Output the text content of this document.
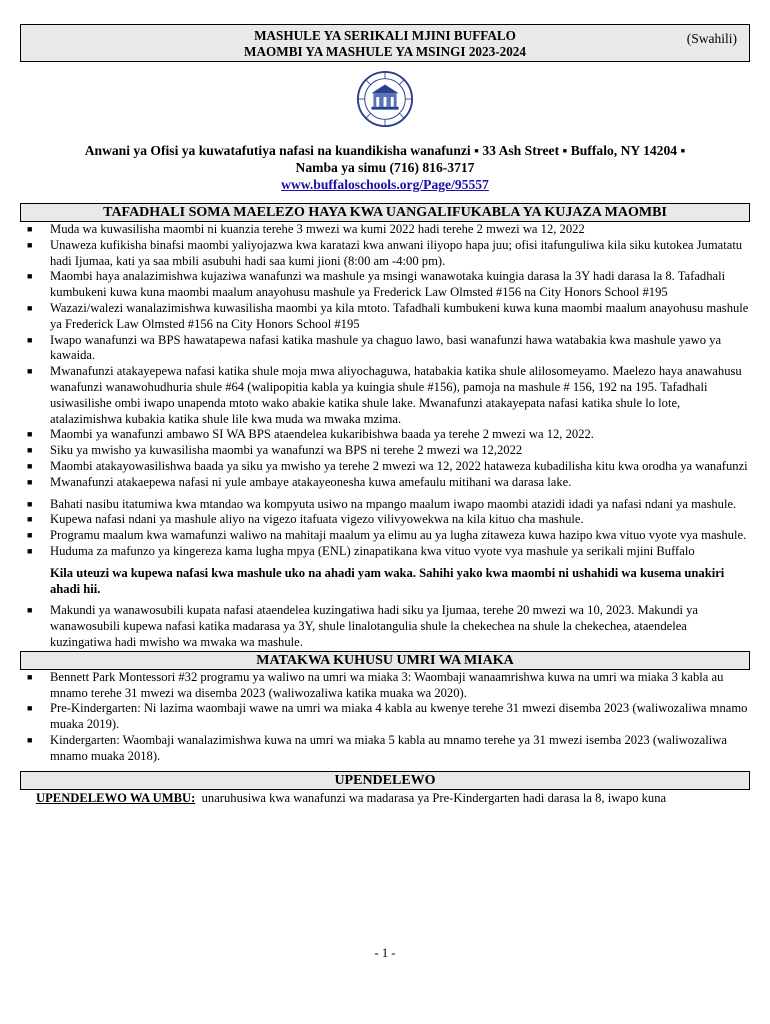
MASHULE YA SERIKALI MJINI BUFFALO
MAOMBI YA MASHULE YA MSINGI 2023-2024
(Swahili)
Anwani ya Ofisi ya kuwatafutiya nafasi na kuandikisha wanafunzi ▪ 33 Ash Street ▪ Buffalo, NY 14204 ▪
Namba ya simu (716) 816-3717
www.buffaloschools.org/Page/95557
TAFADHALI SOMA MAELEZO HAYA KWA UANGALIFUKABLA YA KUJAZA MAOMBI
■ Muda wa kuwasilisha maombi ni kuanzia terehe 3 mwezi wa kumi 2022 hadi terehe 2 mwezi wa 12, 2022
■ Unaweza kufikisha binafsi maombi yaliyojazwa kwa karatazi kwa anwani iliyopo hapa juu; ofisi itafunguliwa kila siku kutokea Jumatatu hadi Ijumaa, kati ya saa mbili asubuhi hadi saa kumi jioni (8:00 am -4:00 pm).
■ Maombi haya analazimishwa kujaziwa wanafunzi wa mashule ya msingi wanawotaka kuingia darasa la 3Y hadi darasa la 8. Tafadhali kumbukeni kuwa kuna maombi maalum anayohusu mashule ya Frederick Law Olmsted #156 na City Honors School #195
■ Wazazi/walezi wanalazimishwa kuwasilisha maombi ya kila mtoto. Tafadhali kumbukeni kuwa kuna maombi maalum anayohusu mashule ya Frederick Law Olmsted #156 na City Honors School #195
■ Iwapo wanafunzi wa BPS hawatapewa nafasi katika mashule ya chaguo lawo, basi wanafunzi hawa watabakia kwa mashule yawo ya kawaida.
■ Mwanafunzi atakayepewa nafasi katika shule moja mwa aliyochaguwa, hatabakia katika shule alilosomeyamo. Maelezo haya anawahusu wanafunzi wanawohudhuria shule #64 (walipopitia kabla ya kuingia shule #156), pamoja na mashule # 156, 192 na 195. Tafadhali usiwasilishe ombi iwapo unapenda mtoto wako abakie katika shule lake. Mwanafunzi atakayepata nafasi katika shule lo lote, atalazimishwa kubakia katika shule lile kwa muda wa mwaka mzima.
■ Maombi ya wanafunzi ambawo SI WA BPS ataendelea kukaribishwa baada ya terehe 2 mwezi wa 12, 2022.
■ Siku ya mwisho ya kuwasilisha maombi ya wanafunzi wa BPS ni terehe 2 mwezi wa 12,2022
■ Maombi atakayowasilishwa baada ya siku ya mwisho ya terehe 2 mwezi wa 12, 2022 hataweza kubadilisha kitu kwa orodha ya wanafunzi
■ Mwanafunzi atakaepewa nafasi ni yule ambaye atakayeonesha kuwa amefaulu mitihani wa darasa lake.
■ Bahati nasibu itatumiwa kwa mtandao wa kompyuta usiwo na mpango maalum iwapo maombi atazidi idadi ya nafasi ndani ya mashule.
■ Kupewa nafasi ndani ya mashule aliyo na vigezo itafuata vigezo vilivyowekwa na kila kituo cha mashule.
■ Programu maalum kwa wamafunzi waliwo na mahitaji maalum ya elimu au ya lugha zitaweza kuwa hazipo kwa vituo vyote vya mashule.
■ Huduma za mafunzo ya kingereza kama lugha mpya (ENL) zinapatikana kwa vituo vyote vya mashule ya serikali mjini Buffalo
Kila uteuzi wa kupewa nafasi kwa mashule uko na ahadi yam waka. Sahihi yako kwa maombi ni ushahidi wa kusema unakiri ahadi hii.
■ Makundi ya wanawosubili kupata nafasi ataendelea kuzingatiwa hadi siku ya Ijumaa, terehe 20 mwezi wa 10, 2023. Makundi ya wanawosubili kupewa nafasi katika madarasa ya 3Y, shule linalotangulia shule la chekechea na shule la chekechea, ataendelea kuzingatiwa hadi mwisho wa mwaka wa mashule.
MATAKWA KUHUSU UMRI WA MIAKA
■ Bennett Park Montessori #32 programu ya waliwo na umri wa miaka 3: Waombaji wanaamrishwa kuwa na umri wa miaka 3 kabla au mnamo terehe 31 mwezi wa disemba 2023 (waliwozaliwa katika muaka wa 2020).
■ Pre-Kindergarten: Ni lazima waombaji wawe na umri wa miaka 4 kabla au kwenye terehe 31 mwezi disemba 2023 (waliwozaliwa mnamo muaka 2019).
■ Kindergarten: Waombaji wanalazimishwa kuwa na umri wa miaka 5 kabla au mnamo terehe ya 31 mwezi isemba 2023 (waliwozaliwa mnamo muaka 2018).
UPENDELEWO
UPENDELEWO WA UMBU: unaruhusiwa kwa wanafunzi wa madarasa ya Pre-Kindergarten hadi darasa la 8, iwapo kuna
- 1 -
